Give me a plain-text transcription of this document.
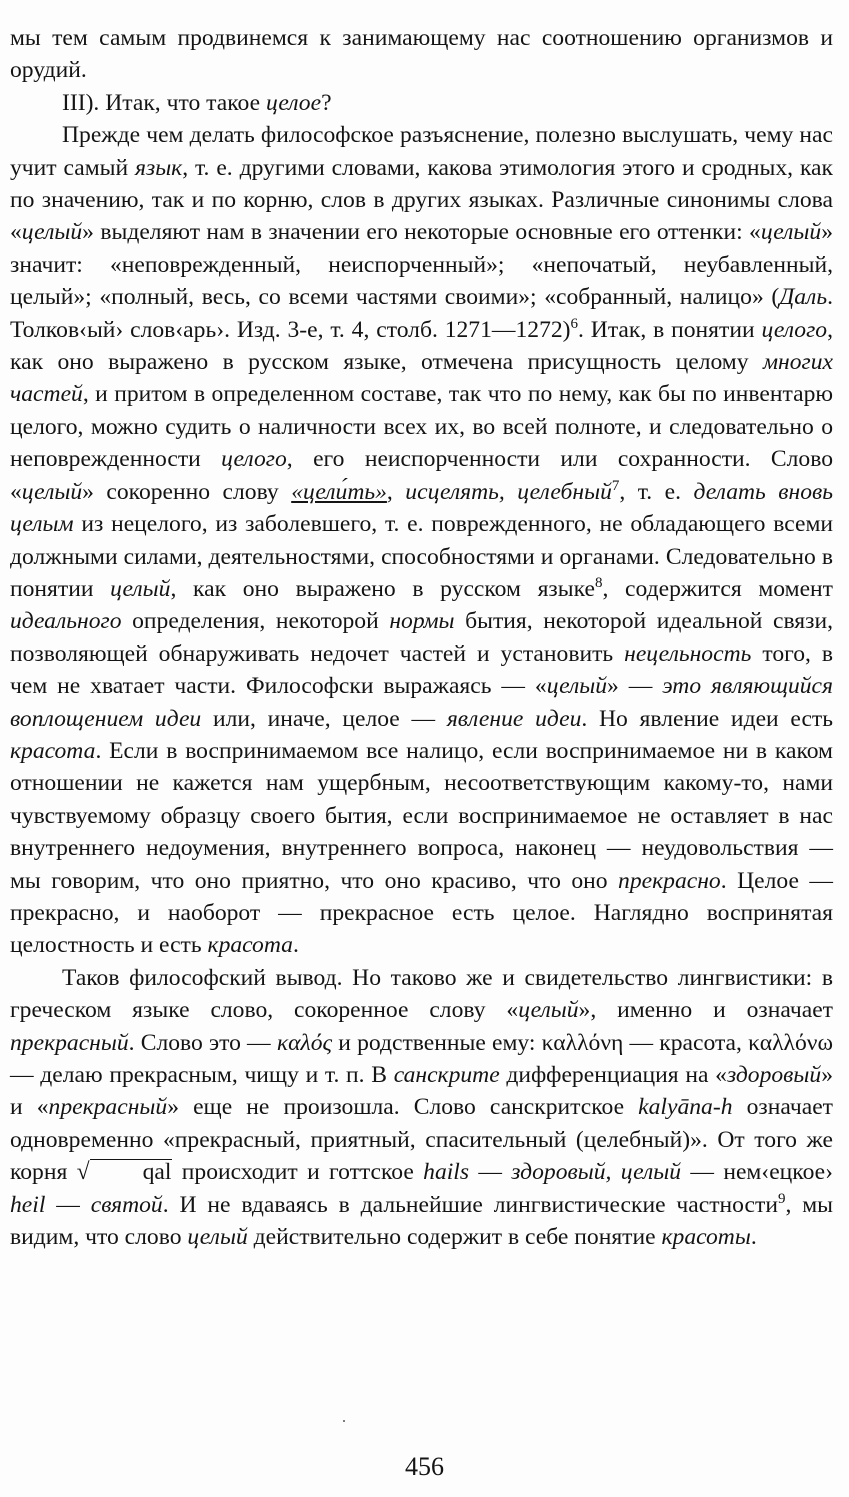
мы тем самым продвинемся к занимающему нас соотношению организмов и орудий.

III). Итак, что такое целое?

Прежде чем делать философское разъяснение, полезно выслушать, чему нас учит самый язык, т. е. другими словами, какова этимология этого и сродных, как по значению, так и по корню, слов в других языках. Различные синонимы слова «целый» выделяют нам в значении его некоторые основные его оттенки: «целый» значит: «неповрежденный, неиспорченный»; «непочатый, неубавленный, целый»; «полный, весь, со всеми частями своими»; «собранный, налицо» (Даль. Толков‹ый› слов‹арь›. Изд. 3-е, т. 4, столб. 1271—1272)$^6$. Итак, в понятии целого, как оно выражено в русском языке, отмечена присущность целому многих частей, и притом в определенном составе, так что по нему, как бы по инвентарю целого, можно судить о наличности всех их, во всей полноте, и следовательно о неповрежденности целого, его неиспорченности или сохранности. Слово «целый» сокоренно слову «цели́ть», исцелять, целебный$^7$, т. е. делать вновь целым из нецелого, из заболевшего, т. е. поврежденного, не обладающего всеми должными силами, деятельностями, способностями и органами. Следовательно в понятии целый, как оно выражено в русском языке$^8$, содержится момент идеального определения, некоторой нормы бытия, некоторой идеальной связи, позволяющей обнаруживать недочет частей и установить нецельность того, в чем не хватает части. Философски выражаясь — «целый» — это являющийся воплощением идеи или, иначе, целое — явление идеи. Но явление идеи есть красота. Если в воспринимаемом все налицо, если воспринимаемое ни в каком отношении не кажется нам ущербным, несоответствующим какому-то, нами чувствуемому образцу своего бытия, если воспринимаемое не оставляет в нас внутреннего недоумения, внутреннего вопроса, наконец — неудовольствия — мы говорим, что оно приятно, что оно красиво, что оно прекрасно. Целое — прекрасно, и наоборот — прекрасное есть целое. Наглядно воспринятая целостность и есть красота.

Таков философский вывод. Но таково же и свидетельство лингвистики: в греческом языке слово, сокоренное слову «целый», именно и означает прекрасный. Слово это — καλός и родственные ему: καλλόνη — красота, καλλόνω — делаю прекрасным, чищу и т. п. В санскрите дифференциация на «здоровый» и «прекрасный» еще не произошла. Слово санскритское kalyāna-h означает одновременно «прекрасный, приятный, спасительный (целебный)». От того же корня √ qal происходит и готтское hails — здоровый, целый — нем‹ецкое› heil — святой. И не вдаваясь в дальнейшие лингвистические частности$^9$, мы видим, что слово целый действительно содержит в себе понятие красоты.

456
